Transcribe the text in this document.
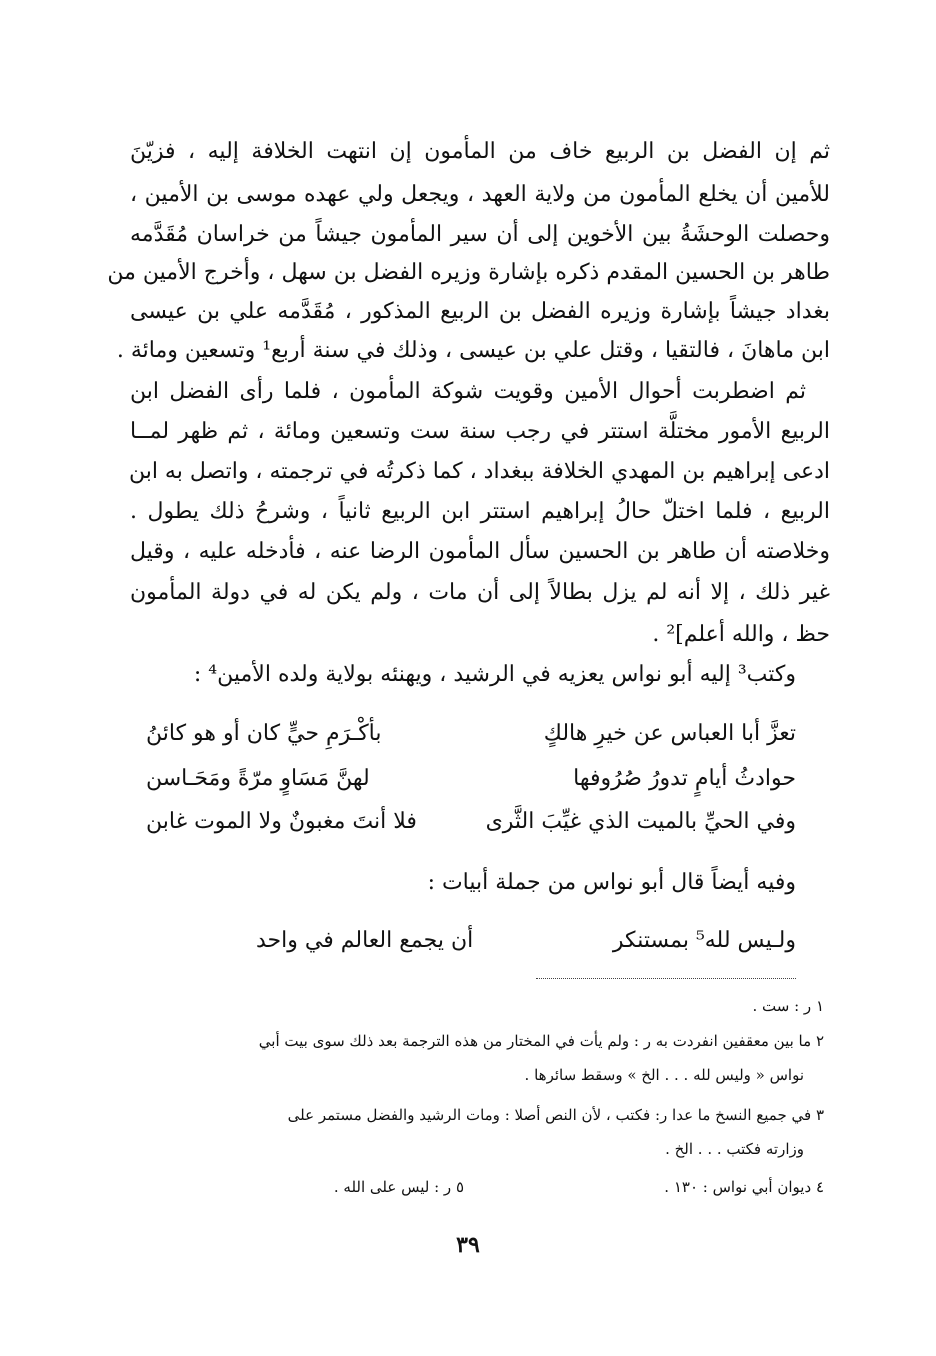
ثم إن الفضل بن الربيع خاف من المأمون إن انتهت الخلافة إليه ، فزيّنَ
للأمين أن يخلع المأمون من ولاية العهد ، ويجعل ولي عهده موسى بن الأمين ،
وحصلت الوحشَةُ بين الأخوين إلى أن سير المأمون جيشاً من خراسان مُقَدَّمه
طاهر بن الحسين المقدم ذكره بإشارة وزيره الفضل بن سهل ، وأخرج الأمين من
بغداد جيشاً بإشارة وزيره الفضل بن الربيع المذكور ، مُقَدَّمه علي بن عيسى
ابن ماهانَ ، فالتقيا ، وقتل علي بن عيسى ، وذلك في سنة أربع¹ وتسعين ومائة .
ثم اضطربت أحوال الأمين وقويت شوكة المأمون ، فلما رأى الفضل ابن
الربيع الأمور مختلَّة استتر في رجب سنة ست وتسعين ومائة ، ثم ظهر لمــا
ادعى إبراهيم بن المهدي الخلافة ببغداد ، كما ذكرتُه في ترجمته ، واتصل به ابن
الربيع ، فلما اختلّ حالُ إبراهيم استتر ابن الربيع ثانياً ، وشرحُ ذلك يطول .
وخلاصته أن طاهر بن الحسين سأل المأمون الرضا عنه ، فأدخله عليه ، وقيل
غير ذلك ، إلا أنه لم يزل بطالاً إلى أن مات ، ولم يكن له في دولة المأمون
حظ ، والله أعلم]² .
وكتب³ إليه أبو نواس يعزيه في الرشيد ، ويهنئه بولاية ولده الأمين⁴ :
تعزَّ أبا العباس عن خيرِ هالكٍ
بأكْـرَمِ حيٍّ كان أو هو كائنُ
حوادثُ أيامٍ تدورُ صُرُوفها
لهنَّ مَسَاوٍ مرّةً ومَحَـاسن
وفي الحيِّ بالميت الذي غيِّبَ الثَّرى
فلا أنتَ مغبونٌ ولا الموت غابن
وفيه أيضاً قال أبو نواس من جملة أبيات :
ولـيس لله⁵ بمستنكر
أن يجمع العالم في واحد
١ ر : ست .
٢ ما بين معقفين انفردت به ر : ولم يأت في المختار من هذه الترجمة بعد ذلك سوى بيت أبي
نواس « وليس لله . . . الخ » وسقط سائرها .
٣ في جميع النسخ ما عدا ر: فكتب ، لأن النص أصلا : ومات الرشيد والفضل مستمر على
وزارته فكتب . . . الخ .
٤ ديوان أبي نواس : ١٣٠ .
٥ ر : ليس على الله .
٣٩
